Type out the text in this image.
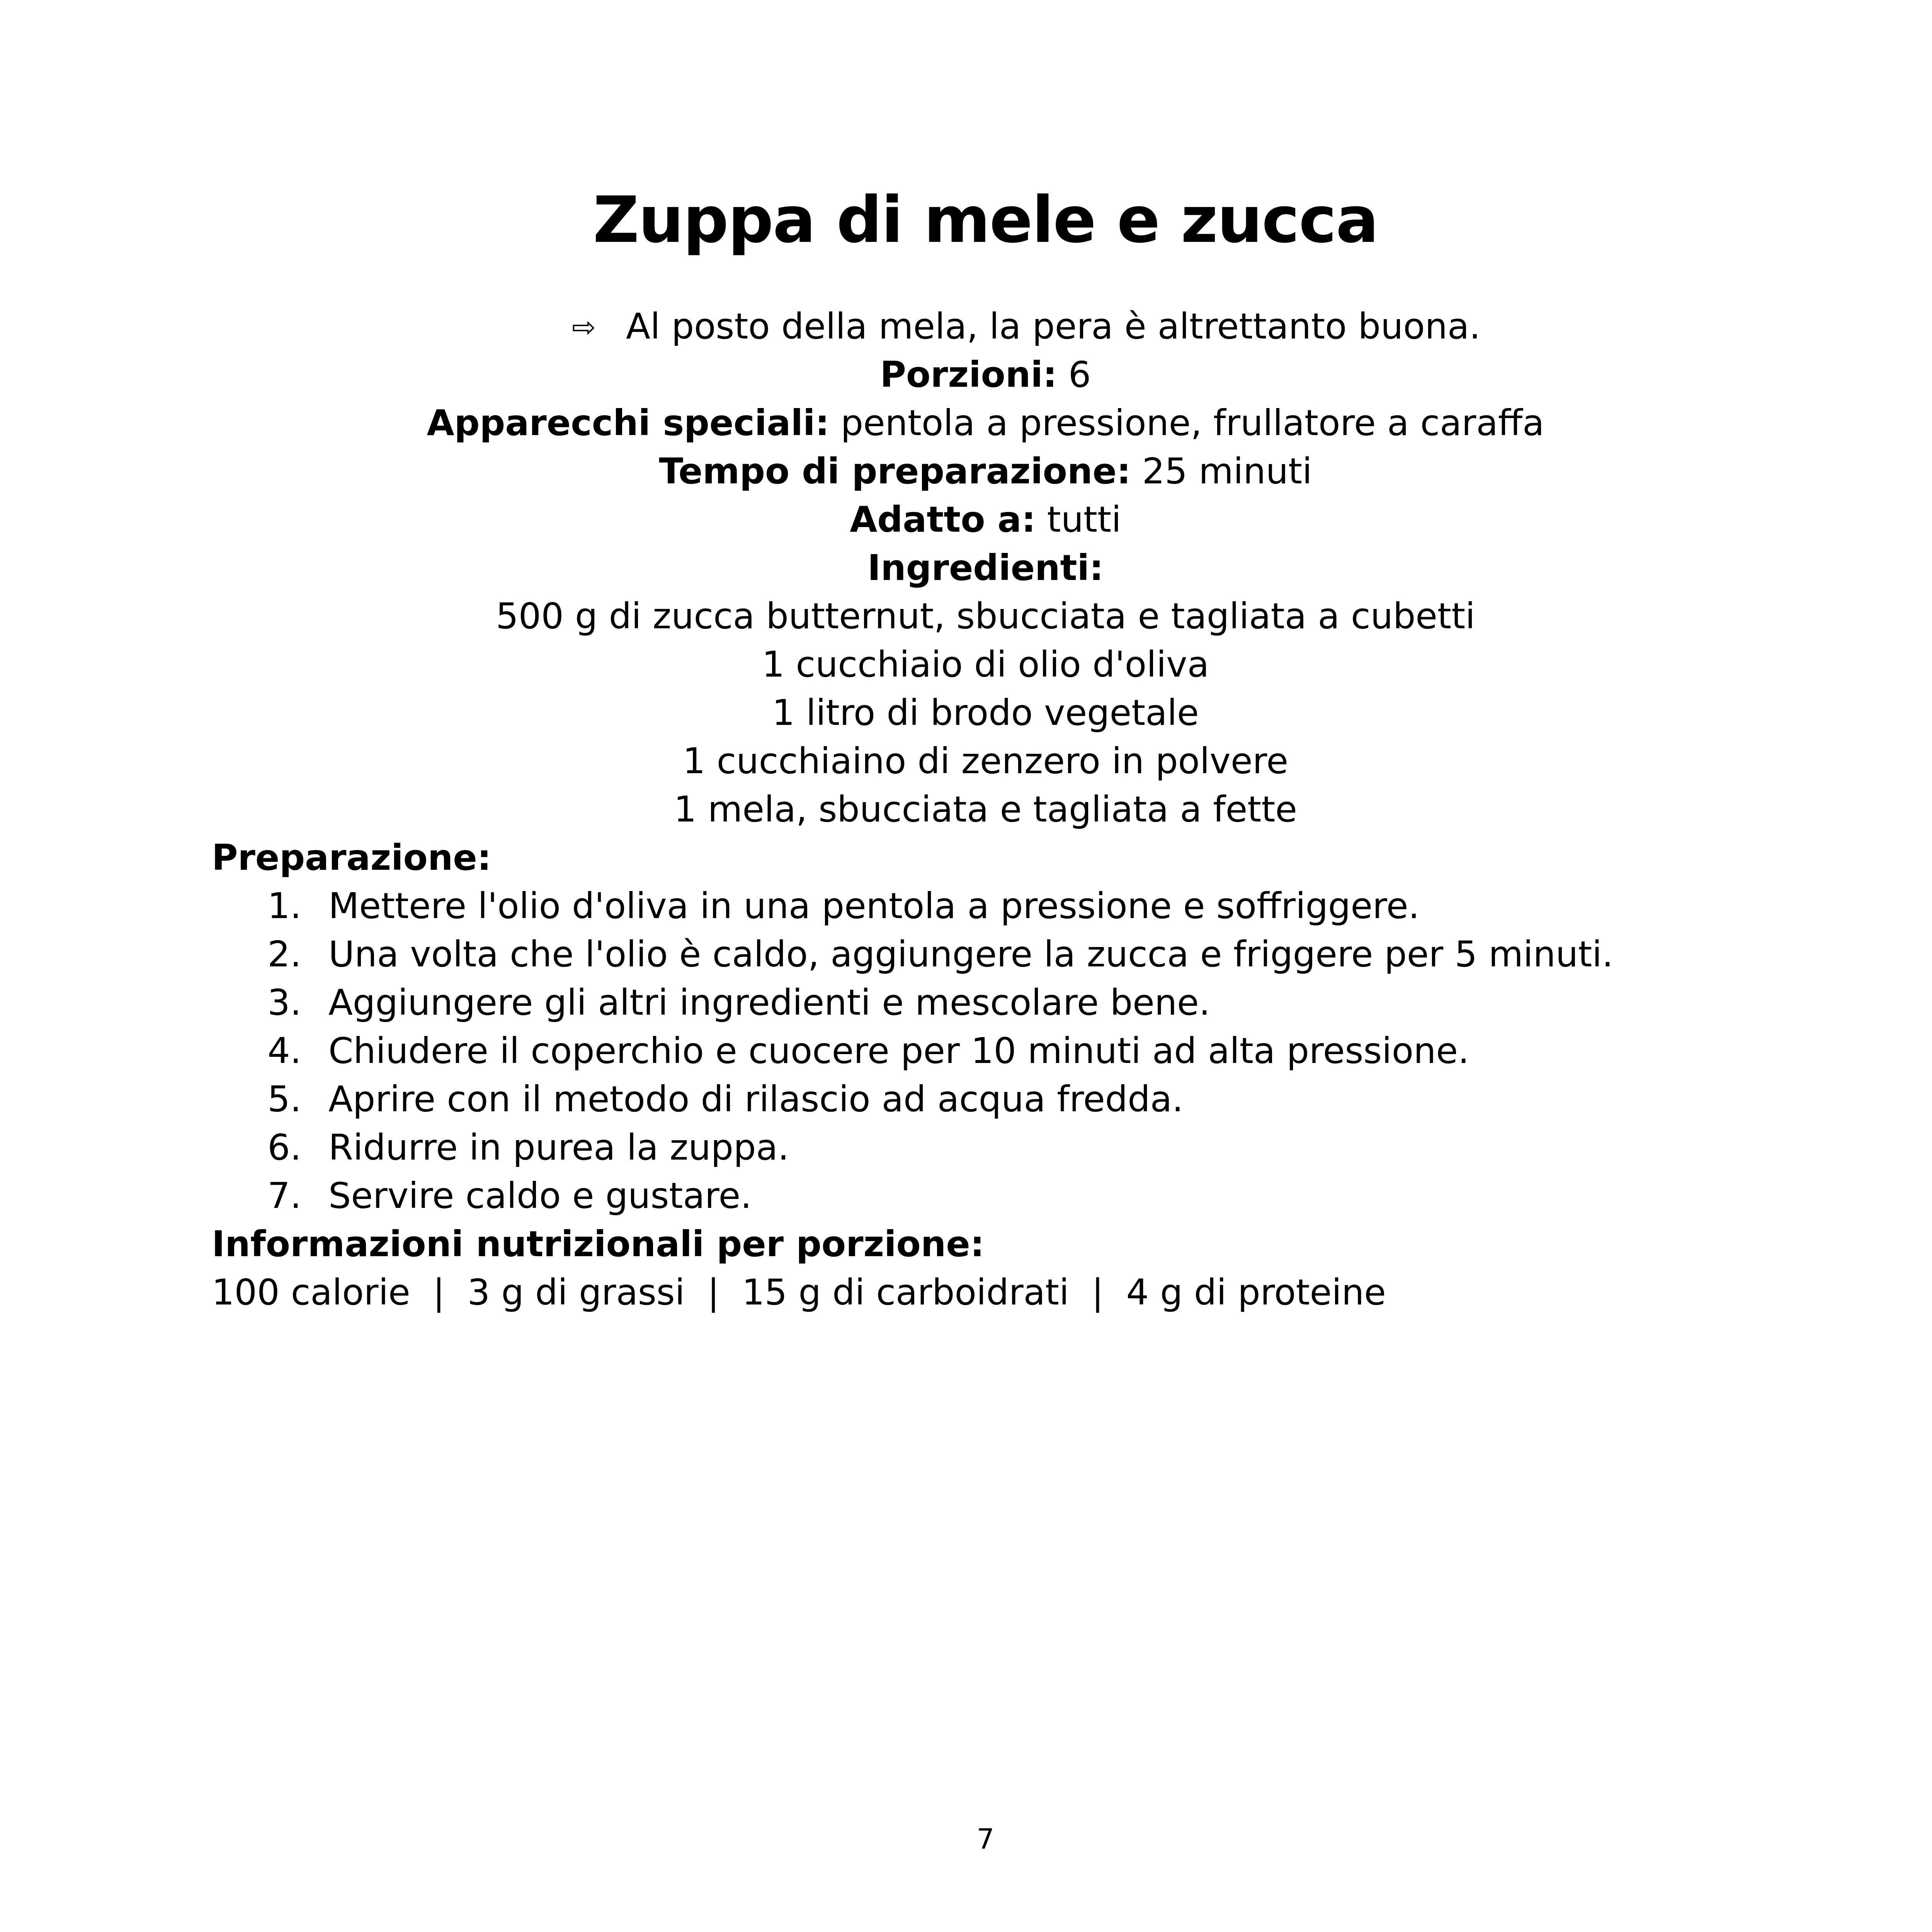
Zuppa di mele e zucca
⇨ Al posto della mela, la pera è altrettanto buona.
Porzioni: 6
Apparecchi speciali: pentola a pressione, frullatore a caraffa
Tempo di preparazione: 25 minuti
Adatto a: tutti
Ingredienti:
500 g di zucca butternut, sbucciata e tagliata a cubetti
1 cucchiaio di olio d'oliva
1 litro di brodo vegetale
1 cucchiaino di zenzero in polvere
1 mela, sbucciata e tagliata a fette
Preparazione:
1. Mettere l'olio d'oliva in una pentola a pressione e soffriggere.
2. Una volta che l'olio è caldo, aggiungere la zucca e friggere per 5 minuti.
3. Aggiungere gli altri ingredienti e mescolare bene.
4. Chiudere il coperchio e cuocere per 10 minuti ad alta pressione.
5. Aprire con il metodo di rilascio ad acqua fredda.
6. Ridurre in purea la zuppa.
7. Servire caldo e gustare.
Informazioni nutrizionali per porzione:
100 calorie  |  3 g di grassi  |  15 g di carboidrati  |  4 g di proteine
7
